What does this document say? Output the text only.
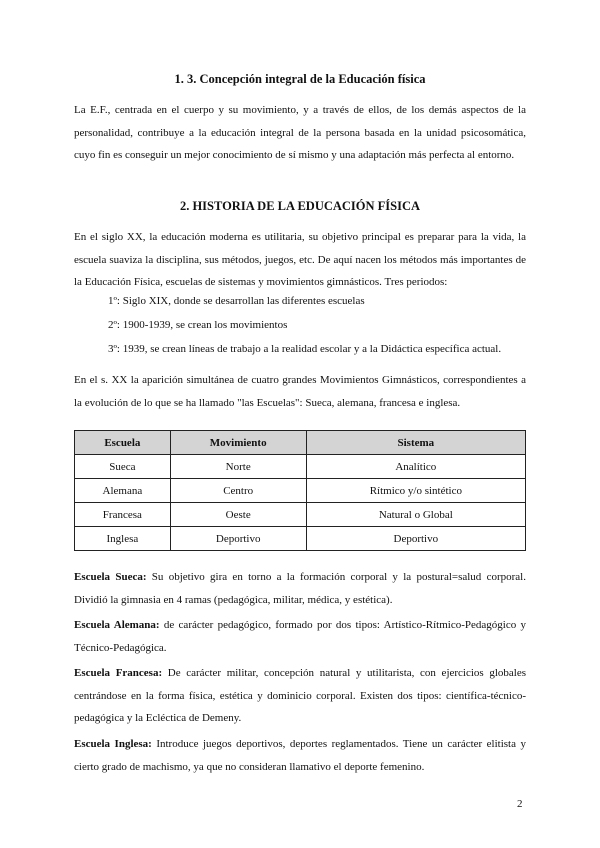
1. 3. Concepción integral de la Educación física

La E.F., centrada en el cuerpo y su movimiento, y a través de ellos, de los demás aspectos de la personalidad, contribuye a la educación integral de la persona basada en la unidad psicosomática, cuyo fin es conseguir un mejor conocimiento de sí mismo y una adaptación más perfecta al entorno.

2. HISTORIA DE LA EDUCACIÓN FÍSICA

En el siglo XX, la educación moderna es utilitaria, su objetivo principal es preparar para la vida, la escuela suaviza la disciplina, sus métodos, juegos, etc. De aquí nacen los métodos más importantes de la Educación Física, escuelas de sistemas y movimientos gimnásticos. Tres periodos:

1º: Siglo XIX, donde se desarrollan las diferentes escuelas
2º: 1900-1939, se crean los movimientos
3º: 1939, se crean líneas de trabajo a la realidad escolar y a la Didáctica específica actual.

En el s. XX la aparición simultánea de cuatro grandes Movimientos Gimnásticos, correspondientes a la evolución de lo que se ha llamado "las Escuelas": Sueca, alemana, francesa e inglesa.

Escuela	Movimiento	Sistema
Sueca	Norte	Analítico
Alemana	Centro	Rítmico y/o sintético
Francesa	Oeste	Natural o Global
Inglesa	Deportivo	Deportivo

Escuela Sueca: Su objetivo gira en torno a la formación corporal y la postural=salud corporal. Dividió la gimnasia en 4 ramas (pedagógica, militar, médica, y estética).

Escuela Alemana: de carácter pedagógico, formado por dos tipos: Artístico-Rítmico-Pedagógico y Técnico-Pedagógica.

Escuela Francesa: De carácter militar, concepción natural y utilitarista, con ejercicios globales centrándose en la forma física, estética y dominicio corporal. Existen dos tipos: científica-técnico-pedagógica y la Ecléctica de Demeny.

Escuela Inglesa: Introduce juegos deportivos, deportes reglamentados. Tiene un carácter elitista y cierto grado de machismo, ya que no consideran llamativo el deporte femenino.

2
